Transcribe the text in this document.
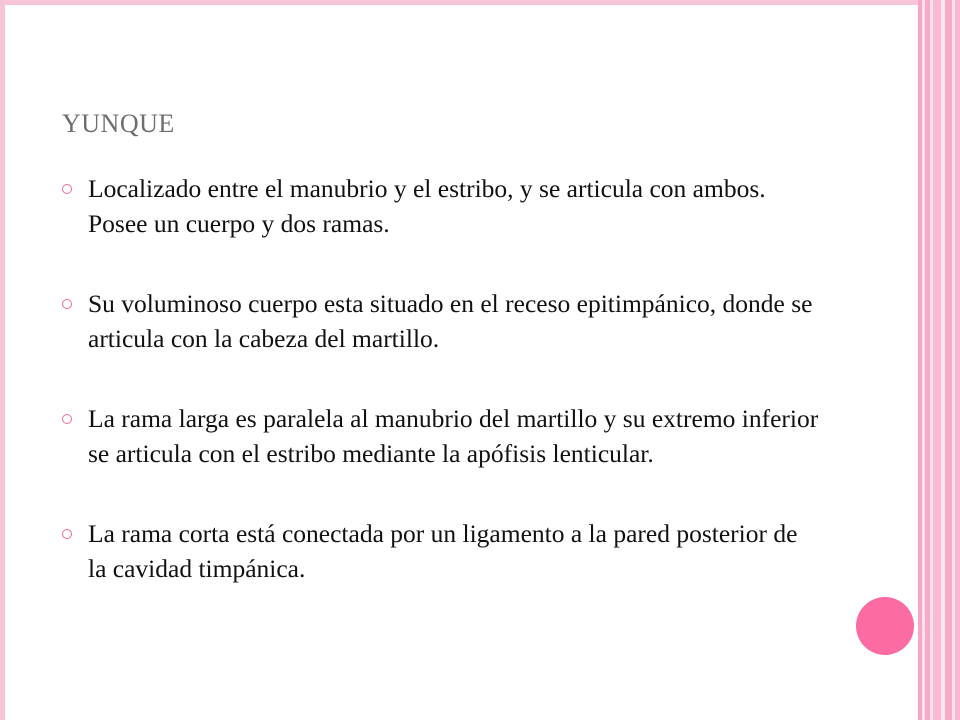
YUNQUE
Localizado entre el manubrio y el estribo, y se articula con ambos. Posee un cuerpo y dos ramas.
Su voluminoso cuerpo esta situado en el receso epitimpánico, donde se articula con la cabeza del martillo.
La rama larga es paralela al manubrio del martillo y su extremo inferior se articula con el estribo mediante la apófisis lenticular.
La rama corta está conectada por un ligamento a la pared posterior de la cavidad timpánica.
